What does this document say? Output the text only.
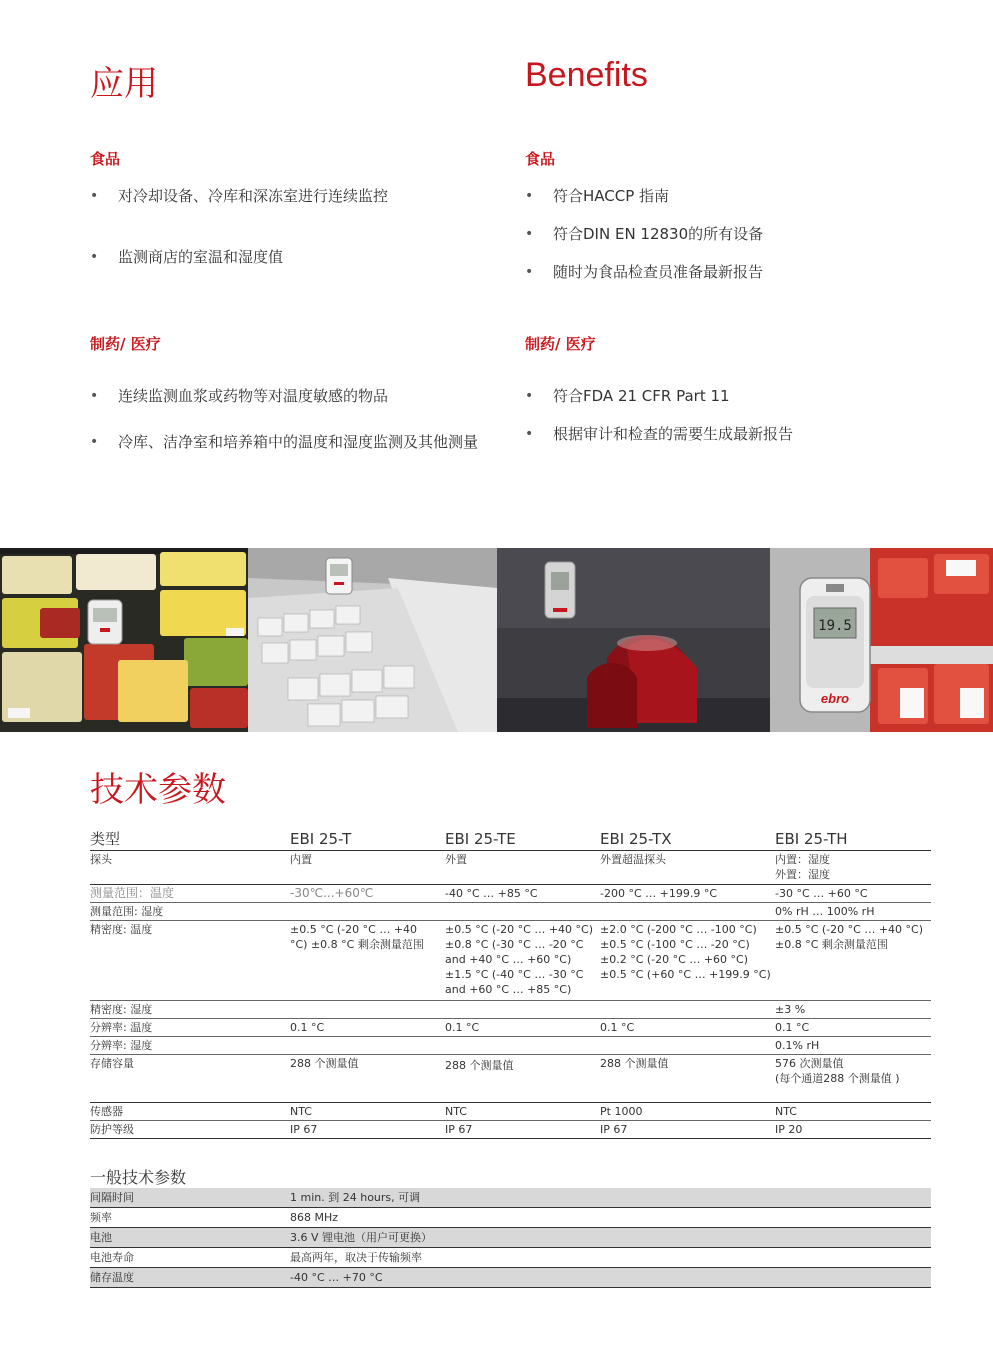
应用
食品
• 对冷却设备、冷库和深冻室进行连续监控
• 监测商店的室温和湿度值
制药/ 医疗
• 连续监测血浆或药物等对温度敏感的物品
• 冷库、洁净室和培养箱中的温度和湿度监测及其他测量
Benefits
食品
• 符合HACCP 指南
• 符合DIN EN 12830的所有设备
• 随时为食品检查员准备最新报告
制药/ 医疗
• 符合FDA 21 CFR Part 11
• 根据审计和检查的需要生成最新报告
19.5
ebro
技术参数
类型	EBI 25-T	EBI 25-TE	EBI 25-TX	EBI 25-TH
探头	内置	外置	外置超温探头	内置：湿度
外置：湿度
测量范围：温度	-30℃...+60℃	-40 °C … +85 °C	-200 °C … +199.9 °C	-30 °C … +60 °C
测量范围: 湿度				0% rH … 100% rH
精密度: 温度	±0.5 °C (-20 °C … +40 °C) ±0.8 °C 剩余测量范围	±0.5 °C (-20 °C … +40 °C)
±0.8 °C (-30 °C … -20 °C and +40 °C … +60 °C)
±1.5 °C (-40 °C … -30 °C and +60 °C … +85 °C)	±2.0 °C (-200 °C … -100 °C)
±0.5 °C (-100 °C … -20 °C)
±0.2 °C (-20 °C … +60 °C)
±0.5 °C (+60 °C … +199.9 °C)	±0.5 °C (-20 °C … +40 °C) ±0.8 °C 剩余测量范围
精密度: 湿度				±3 %
分辨率: 温度	0.1 °C	0.1 °C	0.1 °C	0.1 °C
分辨率: 湿度				0.1% rH
存储容量	288 个测量值	288 个测量值	288 个测量值	576 次测量值
(每个通道288 个测量值 )
传感器	NTC	NTC	Pt 1000	NTC
防护等级	IP 67	IP 67	IP 67	IP 20
一般技术参数
间隔时间	1 min. 到 24 hours, 可调
频率	868 MHz
电池	3.6 V 锂电池（用户可更换）
电池寿命	最高两年，取决于传输频率
储存温度	-40 °C … +70 °C
